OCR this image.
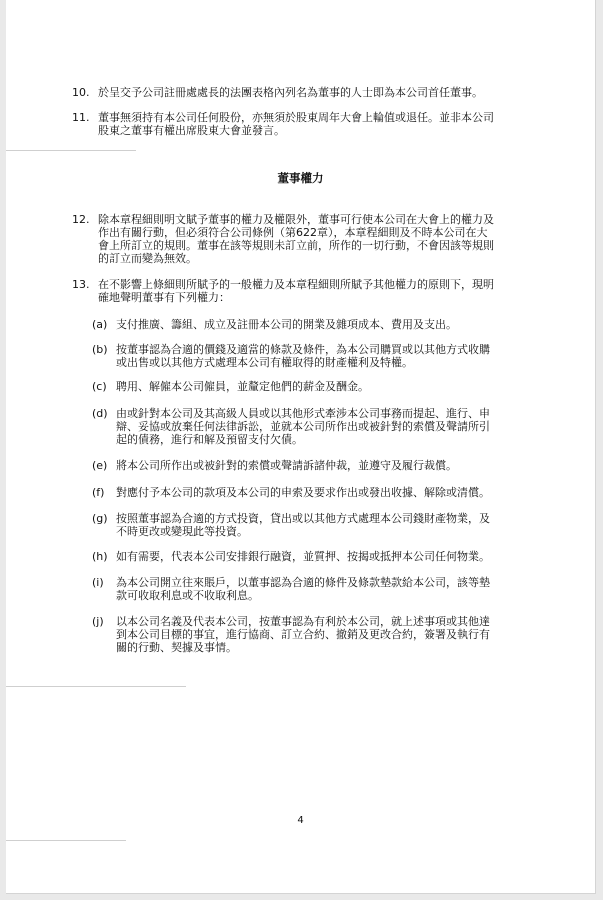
10. 於呈交予公司註冊處處長的法團表格內列名為董事的人士即為本公司首任董事。
11. 董事無須持有本公司任何股份，亦無須於股東周年大會上輪值或退任。並非本公司
股東之董事有權出席股東大會並發言。
董事權力
12. 除本章程細則明文賦予董事的權力及權限外，董事可行使本公司在大會上的權力及
作出有關行動，但必須符合公司條例（第622章），本章程細則及不時本公司在大
會上所訂立的規則。董事在該等規則未訂立前，所作的一切行動，不會因該等規則
的訂立而變為無效。
13. 在不影響上條細則所賦予的一般權力及本章程細則所賦予其他權力的原則下，現明
確地聲明董事有下列權力：
(a) 支付推廣、籌組、成立及註冊本公司的開業及雜項成本、費用及支出。
(b) 按董事認為合適的價錢及適當的條款及條件，為本公司購買或以其他方式收購
或出售或以其他方式處理本公司有權取得的財產權利及特權。
(c) 聘用、解僱本公司僱員，並釐定他們的薪金及酬金。
(d) 由或針對本公司及其高級人員或以其他形式牽涉本公司事務而提起、進行、申
辯、妥協或放棄任何法律訴訟，並就本公司所作出或被針對的索償及聲請所引
起的債務，進行和解及預留支付欠債。
(e) 將本公司所作出或被針對的索償或聲請訴諸仲裁，並遵守及履行裁償。
(f)	對應付予本公司的款項及本公司的申索及要求作出或發出收據、解除或清償。
(g) 按照董事認為合適的方式投資，貸出或以其他方式處理本公司錢財產物業，及
不時更改或變現此等投資。
(h) 如有需要，代表本公司安排銀行融資，並質押、按揭或抵押本公司任何物業。
(i)	為本公司開立往來賬戶，以董事認為合適的條件及條款墊款給本公司，該等墊
款可收取利息或不收取利息。
(j)	以本公司名義及代表本公司，按董事認為有利於本公司，就上述事項或其他達
到本公司目標的事宜，進行協商、訂立合約、撤銷及更改合約，簽署及執行有
關的行動、契據及事情。
4
